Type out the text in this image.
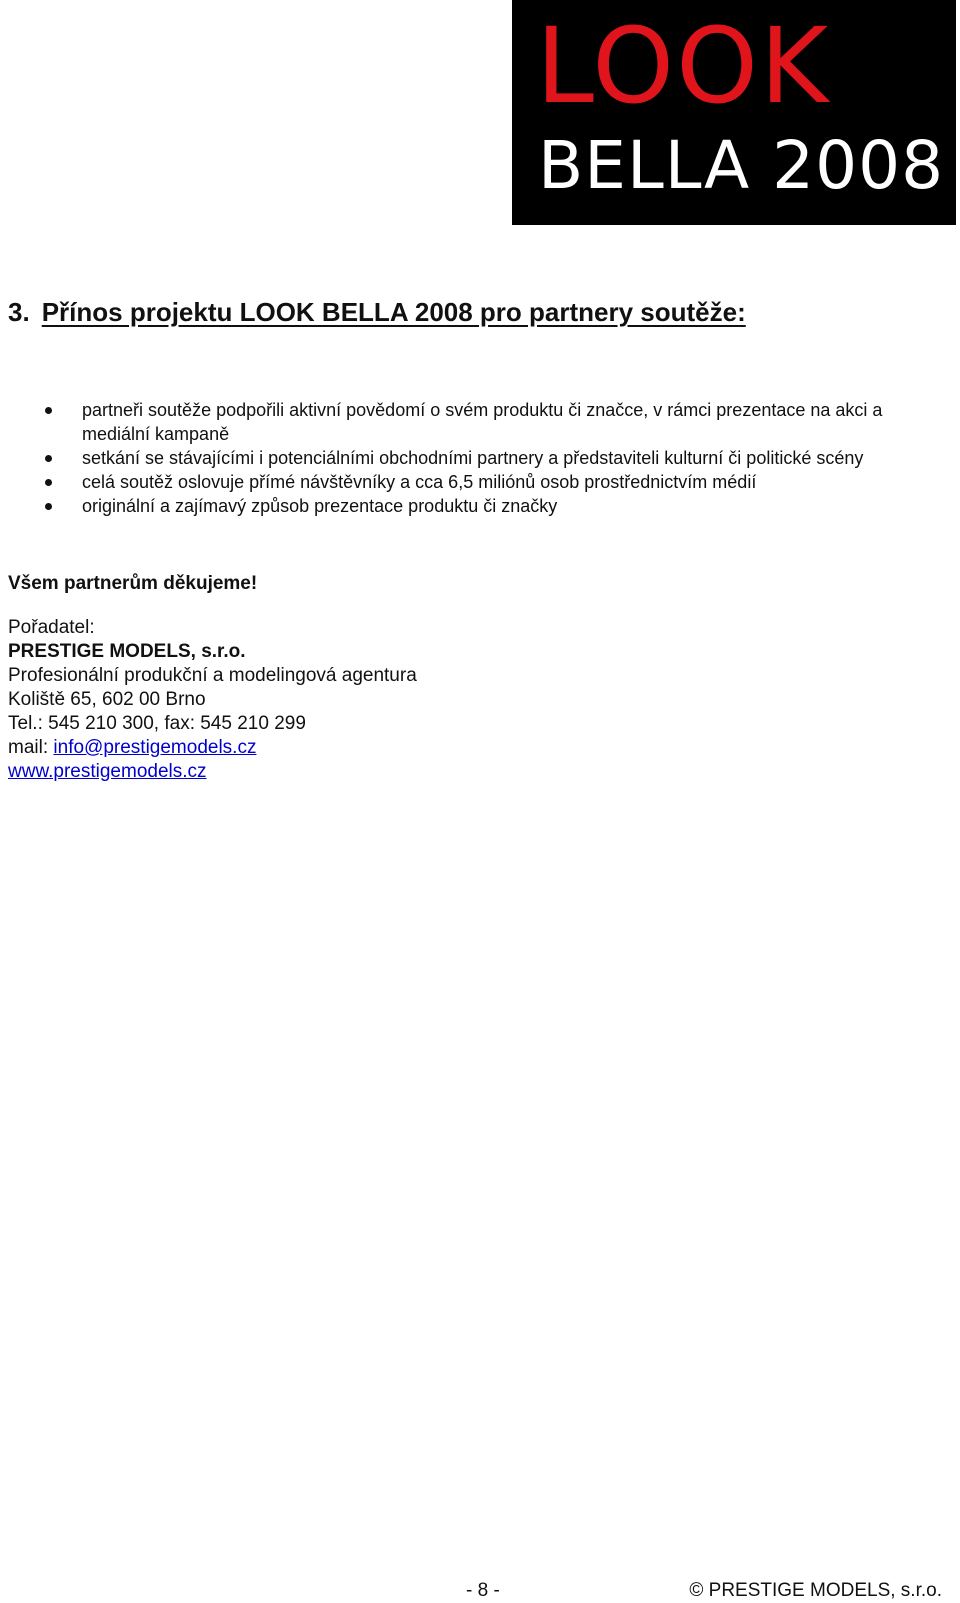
LOOK
BELLA 2008
3. Přínos projektu LOOK BELLA 2008 pro partnery soutěže:
partneři soutěže podpořili aktivní povědomí o svém produktu či značce, v rámci prezentace na akci a mediální kampaně
setkání se stávajícími i potenciálními obchodními partnery a představiteli kulturní či politické scény
celá soutěž oslovuje přímé návštěvníky a cca 6,5 miliónů osob prostřednictvím médií
originální a zajímavý způsob prezentace produktu či značky
Všem partnerům děkujeme!
Pořadatel:
PRESTIGE MODELS, s.r.o.
Profesionální produkční a modelingová agentura
Koliště 65, 602 00 Brno
Tel.: 545 210 300, fax: 545 210 299
mail: info@prestigemodels.cz
www.prestigemodels.cz
- 8 -	© PRESTIGE MODELS, s.r.o.
